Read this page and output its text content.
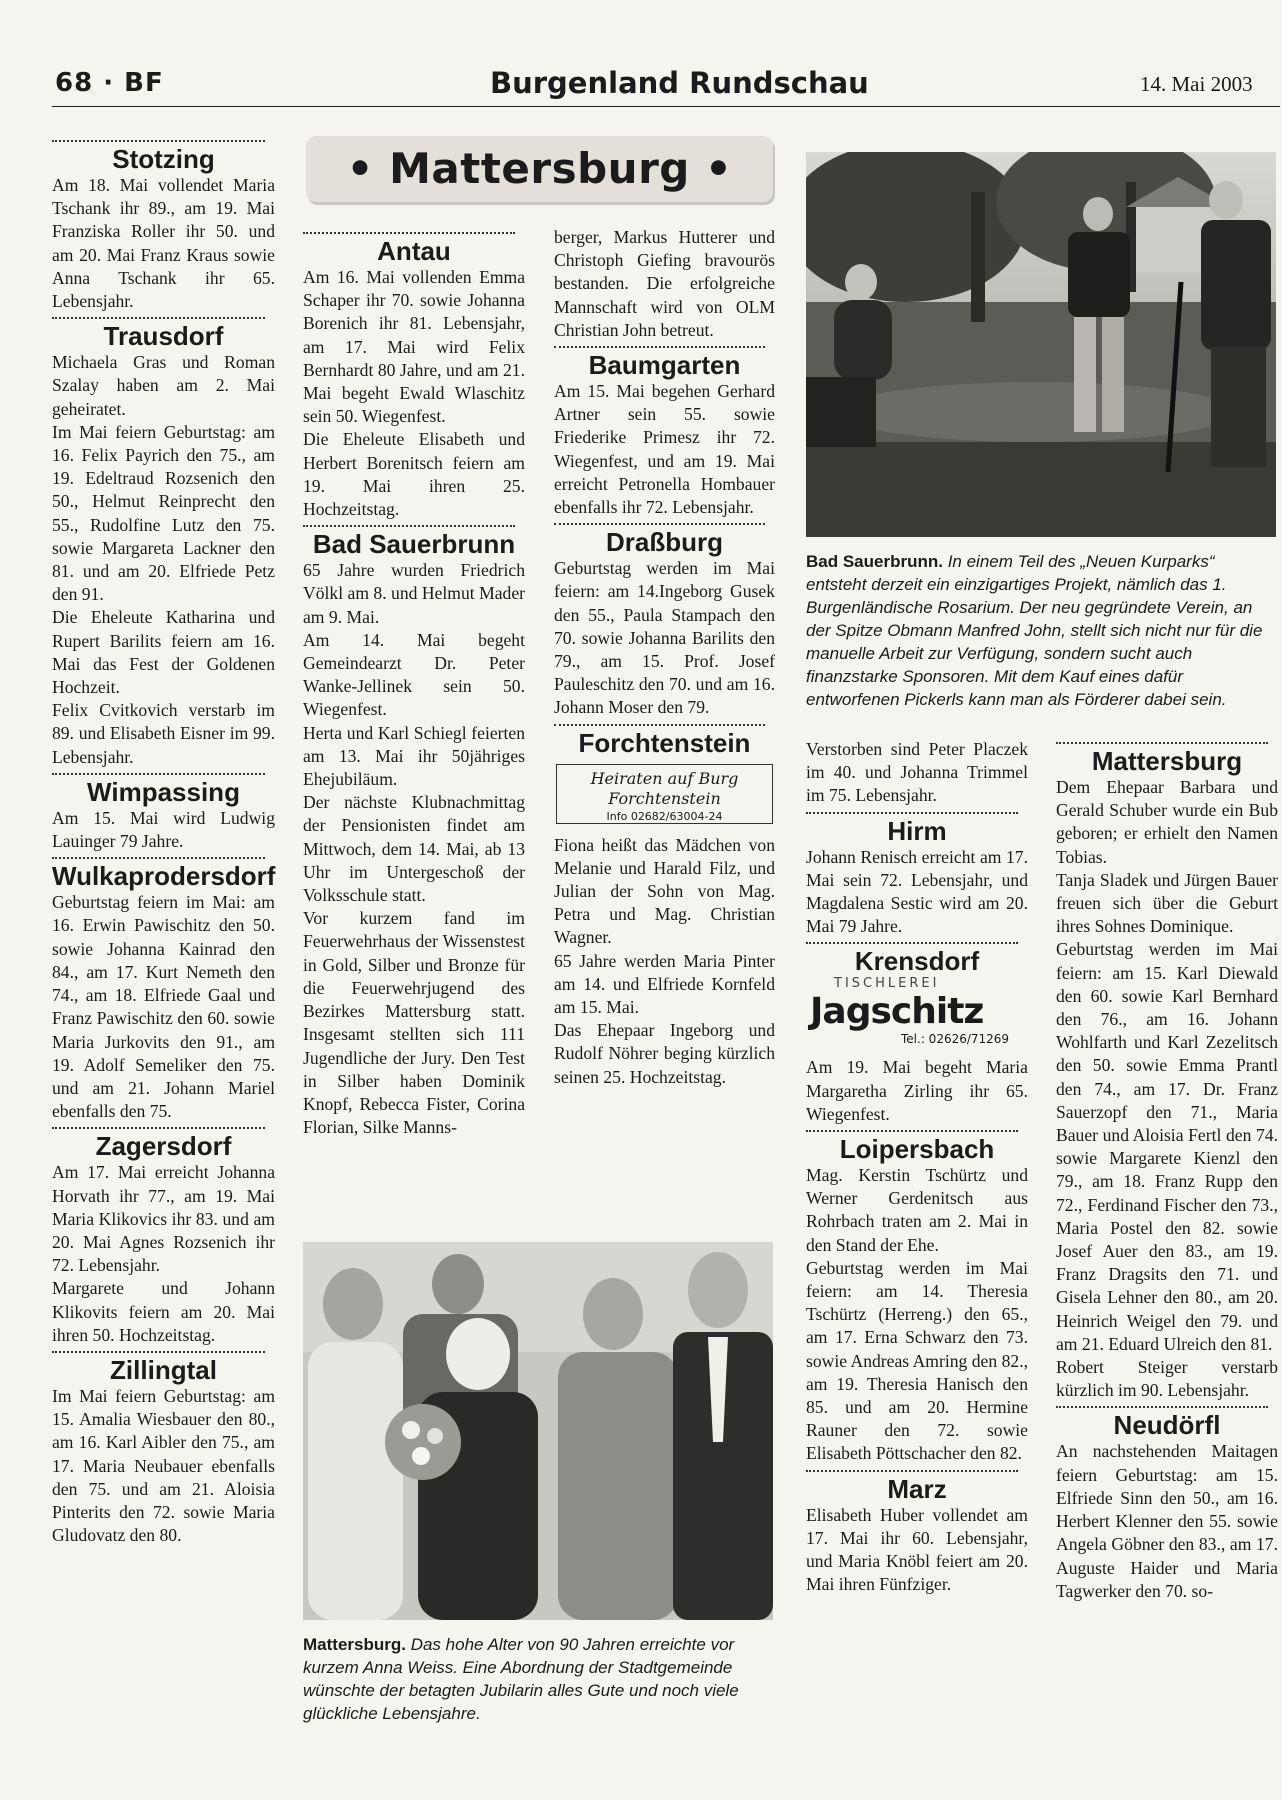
68 · BF	Burgenland Rundschau	14. Mai 2003
Stotzing

Am 18. Mai vollendet Maria Tschank ihr 89., am 19. Mai Franziska Roller ihr 50. und am 20. Mai Franz Kraus sowie Anna Tschank ihr 65. Lebensjahr.

Trausdorf

Michaela Gras und Roman Szalay haben am 2. Mai geheiratet.

Im Mai feiern Geburtstag: am 16. Felix Payrich den 75., am 19. Edeltraud Rozsenich den 50., Helmut Reinprecht den 55., Rudolfine Lutz den 75. sowie Margareta Lackner den 81. und am 20. Elfriede Petz den 91.

Die Eheleute Katharina und Rupert Barilits feiern am 16. Mai das Fest der Goldenen Hochzeit.

Felix Cvitkovich verstarb im 89. und Elisabeth Eisner im 99. Lebensjahr.

Wimpassing

Am 15. Mai wird Ludwig Lauinger 79 Jahre.

Wulkaprodersdorf

Geburtstag feiern im Mai: am 16. Erwin Pawischitz den 50. sowie Johanna Kainrad den 84., am 17. Kurt Nemeth den 74., am 18. Elfriede Gaal und Franz Pawischitz den 60. sowie Maria Jurkovits den 91., am 19. Adolf Semeliker den 75. und am 21. Johann Mariel ebenfalls den 75.

Zagersdorf

Am 17. Mai erreicht Johanna Horvath ihr 77., am 19. Mai Maria Klikovics ihr 83. und am 20. Mai Agnes Rozsenich ihr 72. Lebensjahr.

Margarete und Johann Klikovits feiern am 20. Mai ihren 50. Hochzeitstag.

Zillingtal

Im Mai feiern Geburtstag: am 15. Amalia Wiesbauer den 80., am 16. Karl Aibler den 75., am 17. Maria Neubauer ebenfalls den 75. und am 21. Aloisia Pinterits den 72. sowie Maria Gludovatz den 80.

• Mattersburg •
Antau

Am 16. Mai vollenden Emma Schaper ihr 70. sowie Johanna Borenich ihr 81. Lebensjahr, am 17. Mai wird Felix Bernhardt 80 Jahre, und am 21. Mai begeht Ewald Wlaschitz sein 50. Wiegenfest.

Die Eheleute Elisabeth und Herbert Borenitsch feiern am 19. Mai ihren 25. Hochzeitstag.

Bad Sauerbrunn

65 Jahre wurden Friedrich Völkl am 8. und Helmut Mader am 9. Mai.

Am 14. Mai begeht Gemeindearzt Dr. Peter Wanke-Jellinek sein 50. Wiegenfest.

Herta und Karl Schiegl feierten am 13. Mai ihr 50jähriges Ehejubiläum.

Der nächste Klubnachmittag der Pensionisten findet am Mittwoch, dem 14. Mai, ab 13 Uhr im Untergeschoß der Volksschule statt.

Vor kurzem fand im Feuerwehrhaus der Wissenstest in Gold, Silber und Bronze für die Feuerwehrjugend des Bezirkes Mattersburg statt. Insgesamt stellten sich 111 Jugendliche der Jury. Den Test in Silber haben Dominik Knopf, Rebecca Fister, Corina Florian, Silke Manns-

berger, Markus Hutterer und Christoph Giefing bravourös bestanden. Die erfolgreiche Mannschaft wird von OLM Christian John betreut.

Baumgarten

Am 15. Mai begehen Gerhard Artner sein 55. sowie Friederike Primesz ihr 72. Wiegenfest, und am 19. Mai erreicht Petronella Hombauer ebenfalls ihr 72. Lebensjahr.

Draßburg

Geburtstag werden im Mai feiern: am 14.Ingeborg Gusek den 55., Paula Stampach den 70. sowie Johanna Barilits den 79., am 15. Prof. Josef Pauleschitz den 70. und am 16. Johann Moser den 79.

Forchtenstein
Heiraten auf Burg
Forchtenstein
Info 02682/63004-24

Fiona heißt das Mädchen von Melanie und Harald Filz, und Julian der Sohn von Mag. Petra und Mag. Christian Wagner.

65 Jahre werden Maria Pinter am 14. und Elfriede Kornfeld am 15. Mai.

Das Ehepaar Ingeborg und Rudolf Nöhrer beging kürzlich seinen 25. Hochzeitstag.

Bad Sauerbrunn. In einem Teil des „Neuen Kurparks“ entsteht derzeit ein einzigartiges Projekt, nämlich das 1. Burgenländische Rosarium. Der neu gegründete Verein, an der Spitze Obmann Manfred John, stellt sich nicht nur für die manuelle Arbeit zur Verfügung, sondern sucht auch finanzstarke Sponsoren. Mit dem Kauf eines dafür entworfenen Pickerls kann man als Förderer dabei sein.

Verstorben sind Peter Placzek im 40. und Johanna Trimmel im 75. Lebensjahr.

Hirm

Johann Renisch erreicht am 17. Mai sein 72. Lebensjahr, und Magdalena Sestic wird am 20. Mai 79 Jahre.

Krensdorf
TISCHLEREI
Jagschitz
Tel.: 02626/71269

Am 19. Mai begeht Maria Margaretha Zirling ihr 65. Wiegenfest.

Loipersbach

Mag. Kerstin Tschürtz und Werner Gerdenitsch aus Rohrbach traten am 2. Mai in den Stand der Ehe.

Geburtstag werden im Mai feiern: am 14. Theresia Tschürtz (Herreng.) den 65., am 17. Erna Schwarz den 73. sowie Andreas Amring den 82., am 19. Theresia Hanisch den 85. und am 20. Hermine Rauner den 72. sowie Elisabeth Pöttschacher den 82.

Marz

Elisabeth Huber vollendet am 17. Mai ihr 60. Lebensjahr, und Maria Knöbl feiert am 20. Mai ihren Fünfziger.

Mattersburg

Dem Ehepaar Barbara und Gerald Schuber wurde ein Bub geboren; er erhielt den Namen Tobias.

Tanja Sladek und Jürgen Bauer freuen sich über die Geburt ihres Sohnes Dominique.

Geburtstag werden im Mai feiern: am 15. Karl Diewald den 60. sowie Karl Bernhard den 76., am 16. Johann Wohlfarth und Karl Zezelitsch den 50. sowie Emma Prantl den 74., am 17. Dr. Franz Sauerzopf den 71., Maria Bauer und Aloisia Fertl den 74. sowie Margarete Kienzl den 79., am 18. Franz Rupp den 72., Ferdinand Fischer den 73., Maria Postel den 82. sowie Josef Auer den 83., am 19. Franz Dragsits den 71. und Gisela Lehner den 80., am 20. Heinrich Weigel den 79. und am 21. Eduard Ulreich den 81.

Robert Steiger verstarb kürzlich im 90. Lebensjahr.

Neudörfl

An nachstehenden Maitagen feiern Geburtstag: am 15. Elfriede Sinn den 50., am 16. Herbert Klenner den 55. sowie Angela Göbner den 83., am 17. Auguste Haider und Maria Tagwerker den 70. so-

Mattersburg. Das hohe Alter von 90 Jahren erreichte vor kurzem Anna Weiss. Eine Abordnung der Stadtgemeinde wünschte der betagten Jubilarin alles Gute und noch viele glückliche Lebensjahre.
